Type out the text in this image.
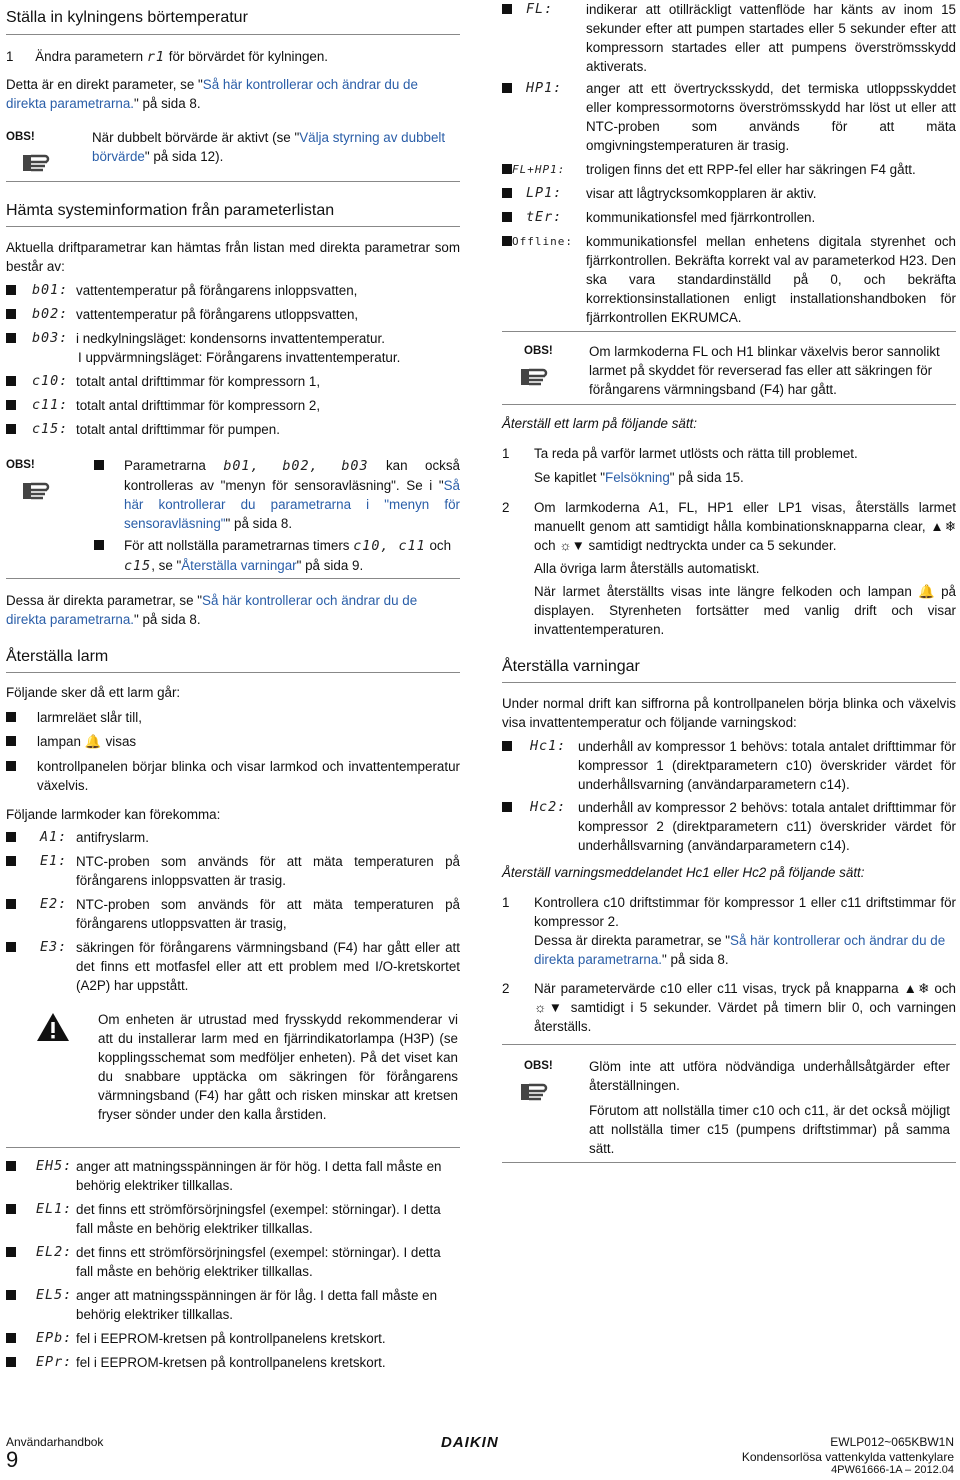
Ställa in kylningens börtemperatur
1 Ändra parametern r1 för börvärdet för kylningen.
Detta är en direkt parameter, se "Så här kontrollerar och ändrar du de direkta parametrarna." på sida 8.
OBS!	När dubbelt börvärde är aktivt (se "Välja styrning av dubbelt börvärde" på sida 12).
Hämta systeminformation från parameterlistan
Aktuella driftparametrar kan hämtas från listan med direkta parametrar som består av:
b01: vattentemperatur på förångarens inloppsvatten,
b02: vattentemperatur på förångarens utloppsvatten,
b03: i nedkylningsläget: kondensorns invattentemperatur.
I uppvärmningsläget: Förångarens invattentemperatur.
c10: totalt antal drifttimmar för kompressorn 1,
c11: totalt antal drifttimmar för kompressorn 2,
c15: totalt antal drifttimmar för pumpen.
OBS!	Parametrarna b01, b02, b03 kan också kontrolleras av "menyn för sensoravläsning". Se i "Så här kontrollerar du parametrarna i "menyn för sensoravläsning"" på sida 8.
För att nollställa parametrarnas timers c10, c11 och c15, se "Återställa varningar" på sida 9.
Dessa är direkta parametrar, se "Så här kontrollerar och ändrar du de direkta parametrarna." på sida 8.
Återställa larm
Följande sker då ett larm går:
larmreläet slår till,
lampan 🔔 visas
kontrollpanelen börjar blinka och visar larmkod och invattentemperatur växelvis.
Följande larmkoder kan förekomma:
A1: antifryslarm.
E1: NTC-proben som används för att mäta temperaturen på förångarens inloppsvatten är trasig.
E2: NTC-proben som används för att mäta temperaturen på förångarens utloppsvatten är trasig,
E3: säkringen för förångarens värmningsband (F4) har gått eller att det finns ett motfasfel eller att ett problem med I/O-kretskortet (A2P) har uppstått.
Om enheten är utrustad med frysskydd rekommenderar vi att du installerar larm med en fjärrindikatorlampa (H3P) (se kopplingsschemat som medföljer enheten). På det viset kan du snabbare upptäcka om säkringen för förångarens värmningsband (F4) har gått och risken minskar att kretsen fryser sönder under den kalla årstiden.
EH5: anger att matningsspänningen är för hög. I detta fall måste en behörig elektriker tillkallas.
EL1: det finns ett strömförsörjningsfel (exempel: störningar). I detta fall måste en behörig elektriker tillkallas.
EL2: det finns ett strömförsörjningsfel (exempel: störningar). I detta fall måste en behörig elektriker tillkallas.
EL5: anger att matningsspänningen är för låg. I detta fall måste en behörig elektriker tillkallas.
EPb: fel i EEPROM-kretsen på kontrollpanelens kretskort.
EPr: fel i EEPROM-kretsen på kontrollpanelens kretskort.
FL:	indikerar att otillräckligt vattenflöde har känts av inom 15 sekunder efter att pumpen startades eller 5 sekunder efter att kompressorn startades eller att pumpens överströmsskydd aktiverats.
HP1:	anger att ett övertrycksskydd, det termiska utloppsskyddet eller kompressormotorns överströmsskydd har löst ut eller att NTC-proben som används för att mäta omgivningstemperaturen är trasig.
FL+HP1:	troligen finns det ett RPP-fel eller har säkringen F4 gått.
LP1:	visar att lågtrycksomkopplaren är aktiv.
tEr:	kommunikationsfel med fjärrkontrollen.
Offline: kommunikationsfel mellan enhetens digitala styrenhet och fjärrkontrollen. Bekräfta korrekt val av parameterkod H23. Den ska vara standardinställd på 0, och bekräfta korrektionsinstallationen enligt installationshandboken för fjärrkontrollen EKRUMCA.
OBS!	Om larmkoderna FL och H1 blinkar växelvis beror sannolikt larmet på skyddet för reverserad fas eller att säkringen för förångarens värmningsband (F4) har gått.
Återställ ett larm på följande sätt:
1	Ta reda på varför larmet utlösts och rätta till problemet.
Se kapitlet "Felsökning" på sida 15.
2	Om larmkoderna A1, FL, HP1 eller LP1 visas, återställs larmet manuellt genom att samtidigt hålla kombinationsknapparna clear, ▲❄ och ☼▼ samtidigt nedtryckta under ca 5 sekunder.
Alla övriga larm återställs automatiskt.
När larmet återställts visas inte längre felkoden och lampan 🔔 på displayen. Styrenheten fortsätter med vanlig drift och visar invattentemperaturen.
Återställa varningar
Under normal drift kan siffrorna på kontrollpanelen börja blinka och växelvis visa invattentemperatur och följande varningskod:
Hc1: underhåll av kompressor 1 behövs: totala antalet drifttimmar för kompressor 1 (direktparametern c10) överskrider värdet för underhållsvarning (användarparametern c14).
Hc2: underhåll av kompressor 2 behövs: totala antalet drifttimmar för kompressor 2 (direktparametern c11) överskrider värdet för underhållsvarning (användarparametern c14).
Återställ varningsmeddelandet Hc1 eller Hc2 på följande sätt:
1	Kontrollera c10 driftstimmar för kompressor 1 eller c11 driftstimmar för kompressor 2.
Dessa är direkta parametrar, se "Så här kontrollerar och ändrar du de direkta parametrarna." på sida 8.
2	När parametervärde c10 eller c11 visas, tryck på knapparna ▲❄ och ☼▼ samtidigt i 5 sekunder. Värdet på timern blir 0, och varningen återställs.
OBS!	Glöm inte att utföra nödvändiga underhållsåtgärder efter återställningen.
Förutom att nollställa timer c10 och c11, är det också möjligt att nollställa timer c15 (pumpens driftstimmar) på samma sätt.
Användarhandbok
9
DAIKIN	EWLP012~065KBW1N
Kondensorlösa vattenkylda vattenkylare
4PW61666-1A – 2012.04
